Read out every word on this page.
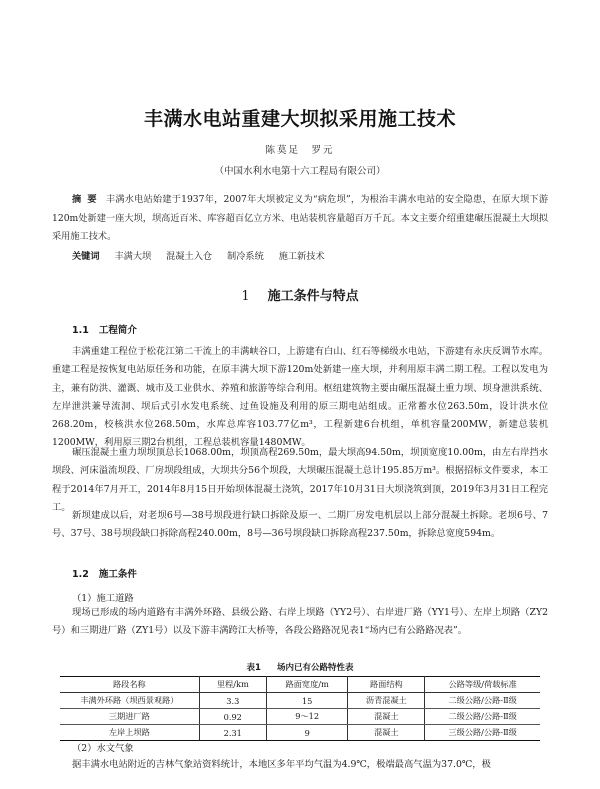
丰满水电站重建大坝拟采用施工技术
陈莫足　罗元
（中国水利水电第十六工程局有限公司）
摘要 丰满水电站始建于1937年，2007年大坝被定义为“病危坝”，为根治丰满水电站的安全隐患，在原大坝下游120m处新建一座大坝，坝高近百米、库容超百亿立方米、电站装机容量超百万千瓦。本文主要介绍重建碾压混凝土大坝拟采用施工技术。
关键词 丰满大坝 混凝土入仓 制冷系统 施工新技术
1 施工条件与特点
1.1 工程简介
丰满重建工程位于松花江第二干流上的丰满峡谷口，上游建有白山、红石等梯级水电站，下游建有永庆反调节水库。重建工程是按恢复电站原任务和功能，在原丰满大坝下游120m处新建一座大坝，并利用原丰满二期工程。工程以发电为主，兼有防洪、灌溉、城市及工业供水、养殖和旅游等综合利用。枢纽建筑物主要由碾压混凝土重力坝、坝身泄洪系统、左岸泄洪兼导流洞、坝后式引水发电系统、过鱼设施及利用的原三期电站组成。正常蓄水位263.50m，设计洪水位268.20m，校核洪水位268.50m，水库总库容103.77亿m³，工程新建6台机组，单机容量200MW，新建总装机1200MW，利用原三期2台机组，工程总装机容量1480MW。
碾压混凝土重力坝坝顶总长1068.00m，坝顶高程269.50m，最大坝高94.50m，坝顶宽度10.00m，由左右岸挡水坝段、河床溢流坝段、厂房坝段组成，大坝共分56个坝段，大坝碾压混凝土总计195.85万m³。根据招标文件要求，本工程于2014年7月开工，2014年8月15日开始坝体混凝土浇筑，2017年10月31日大坝浇筑到顶，2019年3月31日工程完工。
新坝建成以后，对老坝6号—38号坝段进行缺口拆除及原一、二期厂房发电机层以上部分混凝土拆除。老坝6号、7号、37号、38号坝段缺口拆除高程240.00m，8号—36号坝段缺口拆除高程237.50m，拆除总宽度594m。
1.2 施工条件
（1）施工道路
现场已形成的场内道路有丰满外环路、县级公路、右岸上坝路（YY2号）、右岸进厂路（YY1号）、左岸上坝路（ZY2号）和三期进厂路（ZY1号）以及下游丰满跨江大桥等，各段公路路况见表1“场内已有公路路况表”。
表1 场内已有公路特性表
路段名称	里程/km	路面宽度/m	路面结构	公路等级/荷载标准
丰满外环路（坝西景观路）	3.3	15	沥青混凝土	二级公路/公路-Ⅱ级
三期进厂路	0.92	9～12	混凝土	二级公路/公路-Ⅱ级
左岸上坝路	2.31	9	混凝土	三级公路/公路-Ⅱ级
（2）水文气象
据丰满水电站附近的吉林气象站资料统计，本地区多年平均气温为4.9℃，极端最高气温为37.0℃，极
